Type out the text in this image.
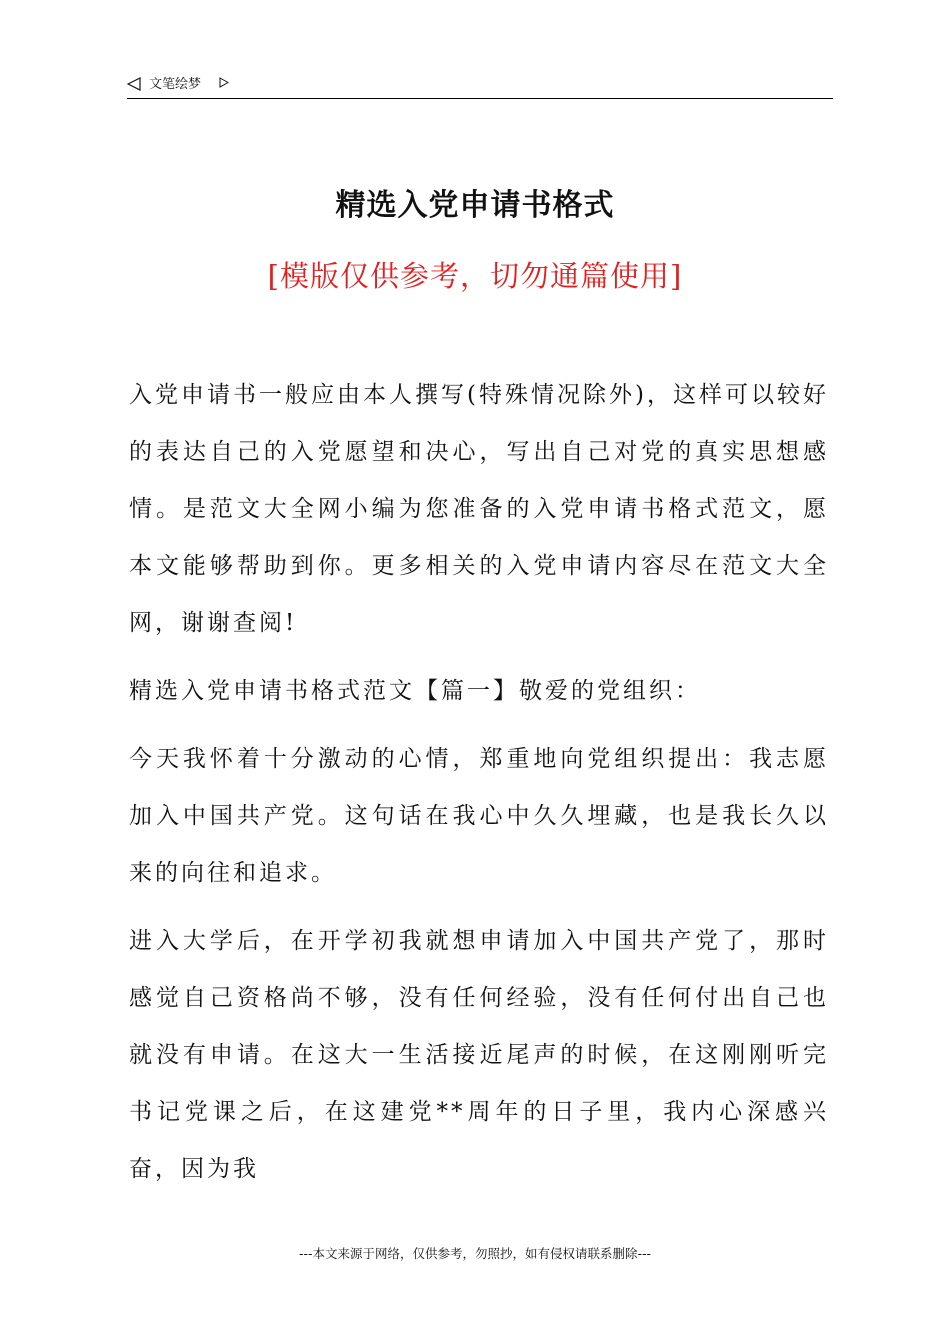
文笔绘梦
精选入党申请书格式
[模版仅供参考，切勿通篇使用]

入党申请书一般应由本人撰写(特殊情况除外)，这样可以较好的表达自己的入党愿望和决心，写出自己对党的真实思想感情。是范文大全网小编为您准备的入党申请书格式范文，愿本文能够帮助到你。更多相关的入党申请内容尽在范文大全网，谢谢查阅!

精选入党申请书格式范文【篇一】敬爱的党组织：

今天我怀着十分激动的心情，郑重地向党组织提出：我志愿加入中国共产党。这句话在我心中久久埋藏，也是我长久以来的向往和追求。

进入大学后，在开学初我就想申请加入中国共产党了，那时感觉自己资格尚不够，没有任何经验，没有任何付出自己也就没有申请。在这大一生活接近尾声的时候，在这刚刚听完书记党课之后，在这建党**周年的日子里，我内心深感兴奋，因为我

---本文来源于网络，仅供参考，勿照抄，如有侵权请联系删除---
